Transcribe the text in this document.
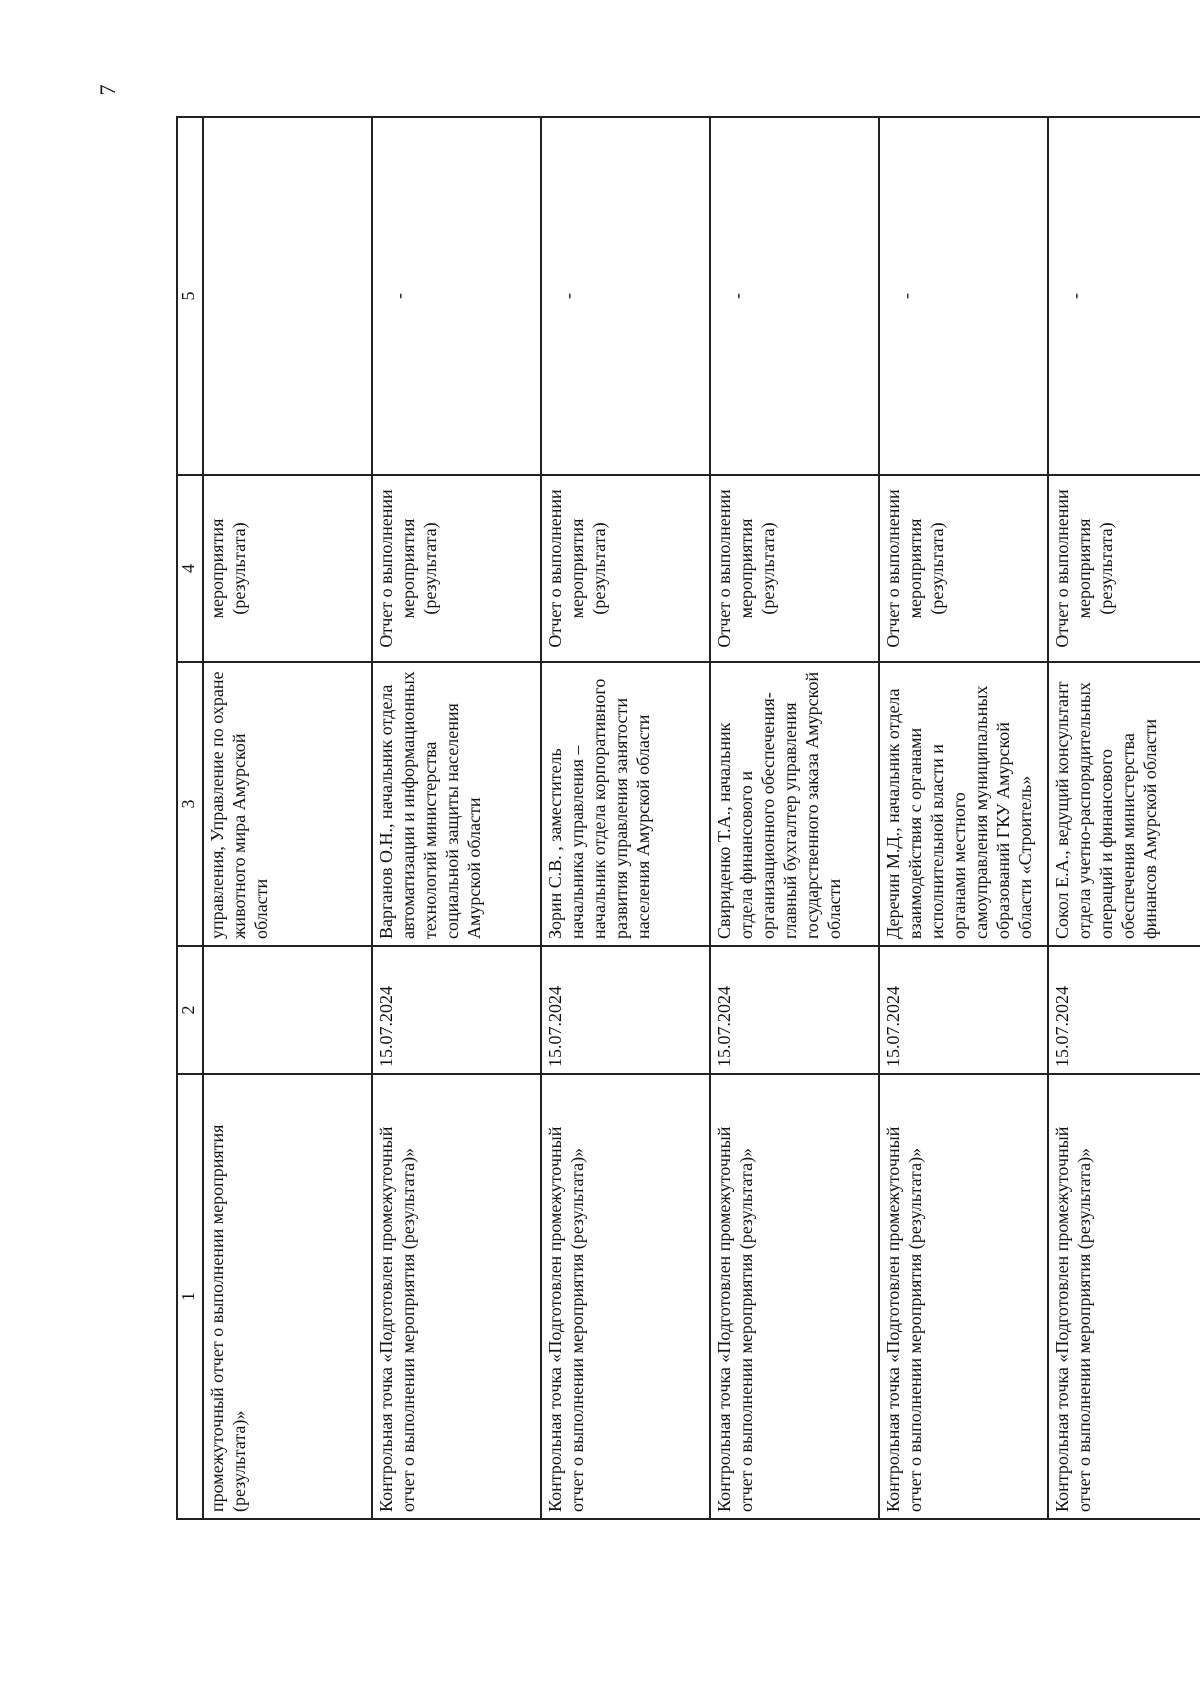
7
1	2	3	4	5
промежуточный отчет о выполнении мероприятия (результата)»		управления, Управление по охране животного мира Амурской области	мероприятия (результата)	
Контрольная точка «Подготовлен промежуточный отчет о выполнении мероприятия (результата)»	15.07.2024	Варганов О.Н., начальник отдела автоматизации и информационных технологий министерства социальной защиты населения Амурской области	Отчет о выполнении мероприятия (результата)	-
Контрольная точка «Подготовлен промежуточный отчет о выполнении мероприятия (результата)»	15.07.2024	Зорин С.В. , заместитель начальника управления – начальник отдела корпоративного развития управления занятости населения Амурской области	Отчет о выполнении мероприятия (результата)	-
Контрольная точка «Подготовлен промежуточный отчет о выполнении мероприятия (результата)»	15.07.2024	Свириденко Т.А., начальник отдела финансового и организационного обеспечения-главный бухгалтер управления государственного заказа Амурской области	Отчет о выполнении мероприятия (результата)	-
Контрольная точка «Подготовлен промежуточный отчет о выполнении мероприятия (результата)»	15.07.2024	Деречин М.Д., начальник отдела взаимодействия с органами исполнительной власти и органами местного самоуправления муниципальных образований ГКУ Амурской области «Строитель»	Отчет о выполнении мероприятия (результата)	-
Контрольная точка «Подготовлен промежуточный отчет о выполнении мероприятия (результата)»	15.07.2024	Сокол Е.А., ведущий консультант отдела учетно-распорядительных операций и финансового обеспечения министерства финансов Амурской области	Отчет о выполнении мероприятия (результата)	-
